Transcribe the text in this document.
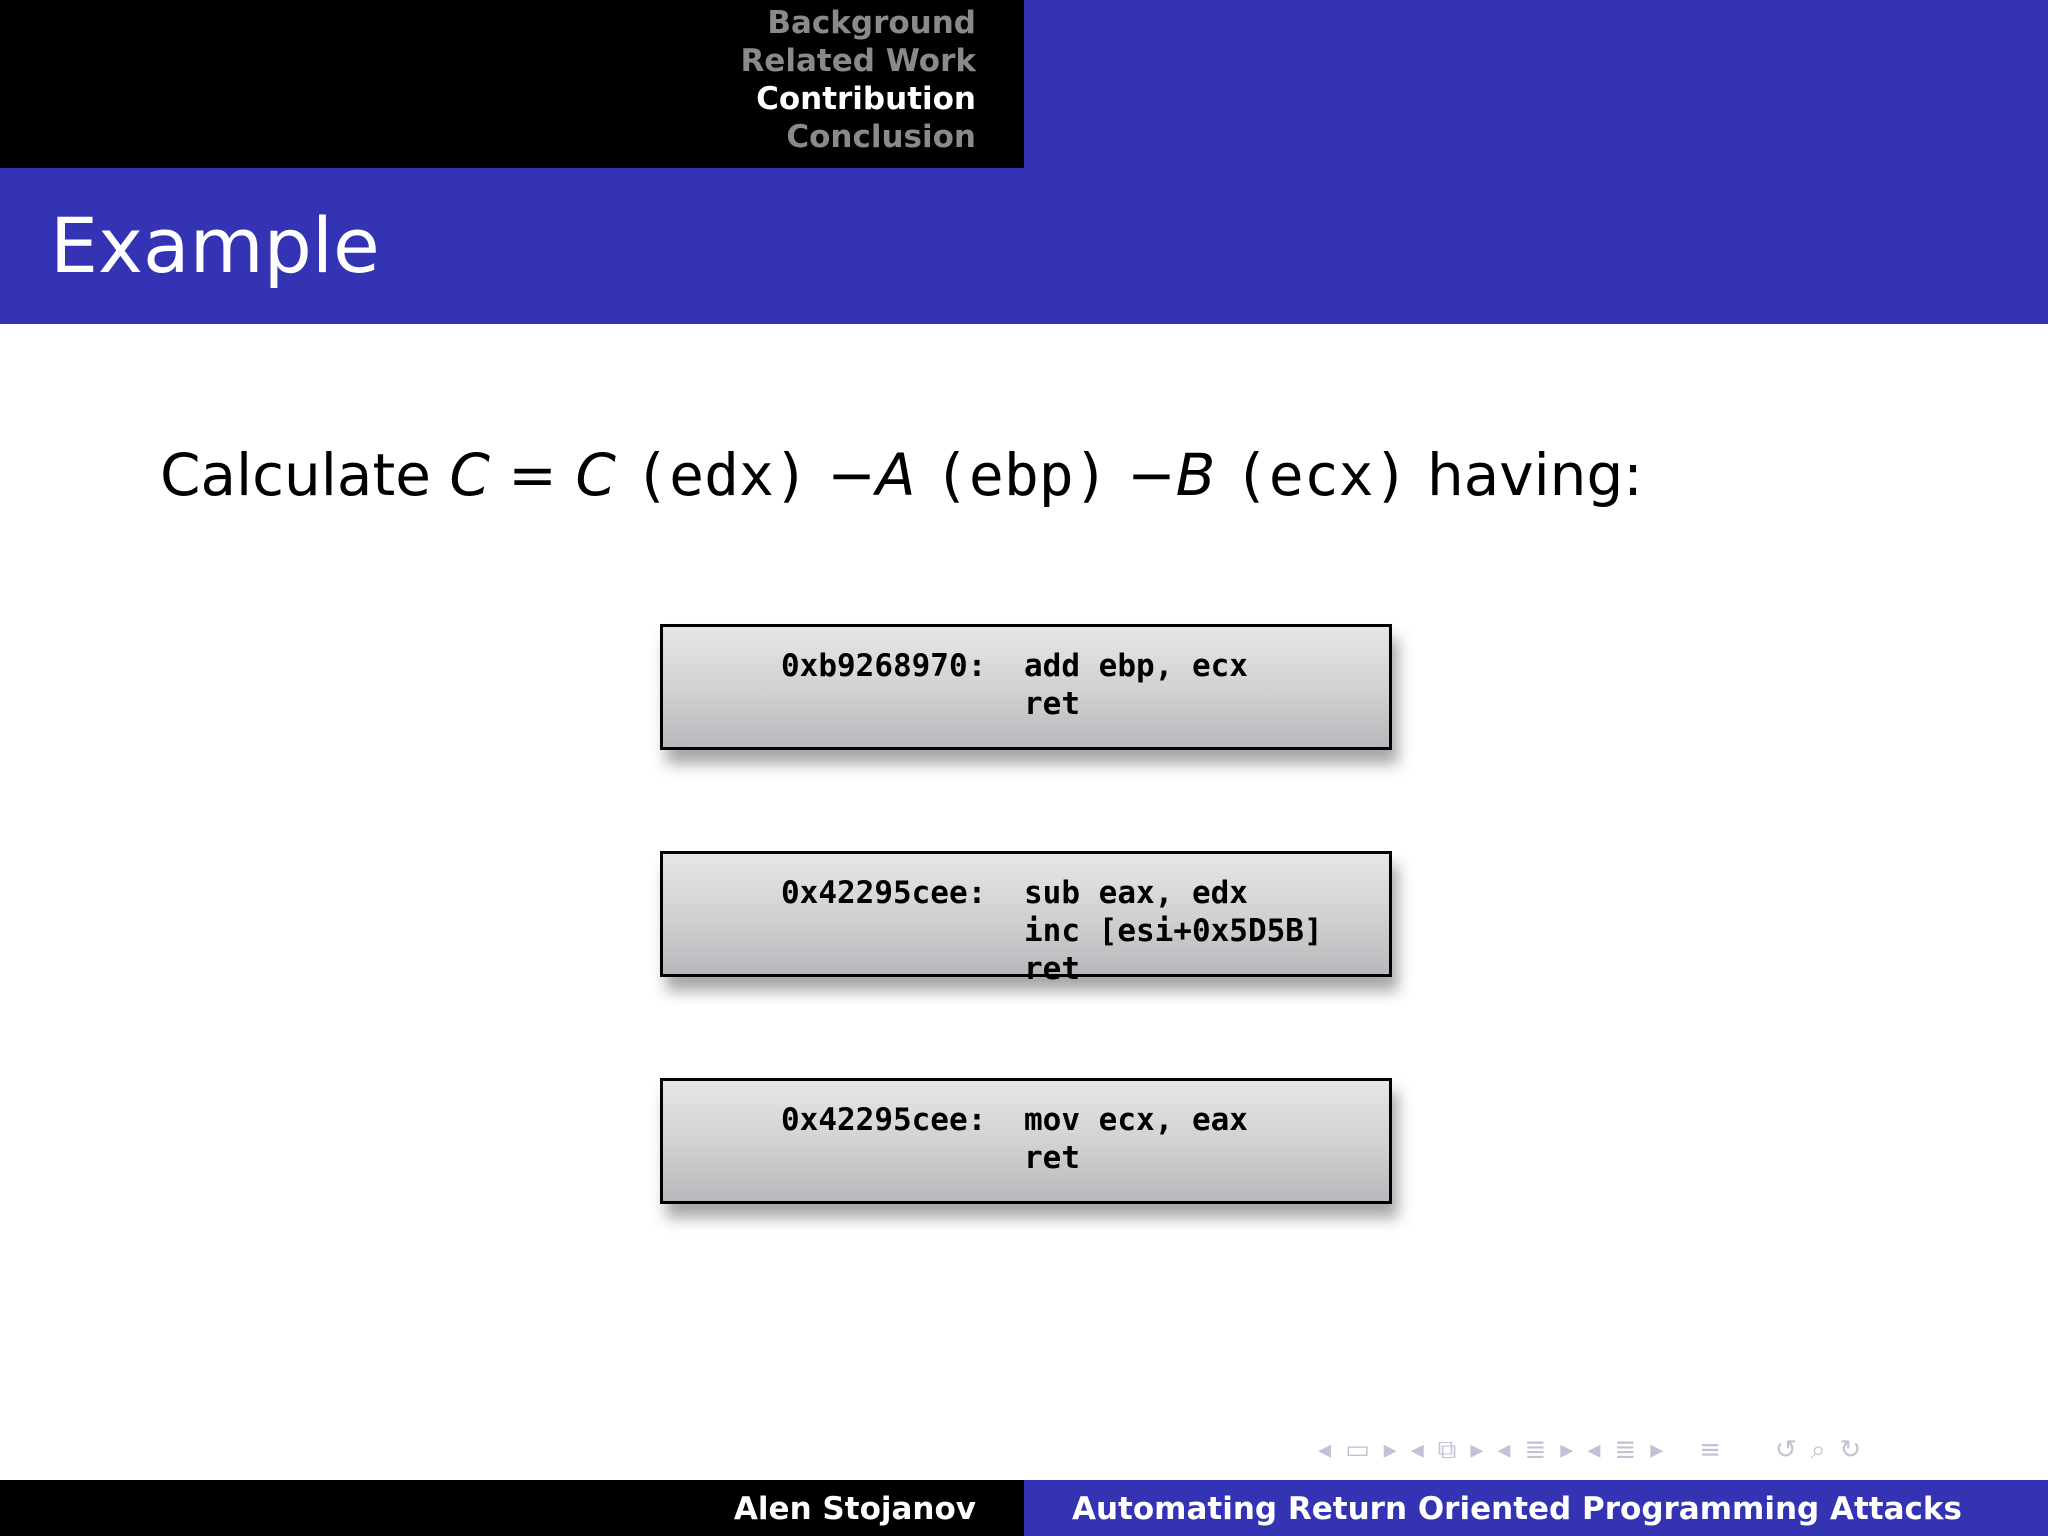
Background
Related Work
Contribution
Conclusion
Example
Calculate C = C (edx) −A (ebp) −B (ecx) having:
0xb9268970: add ebp, ecx
ret
0x42295cee: sub eax, edx
inc [esi+0x5D5B]
ret
0x42295cee: mov ecx, eax
ret
◂ ▭ ▸ ◂ ⧉ ▸ ◂ ≣ ▸ ◂ ≣ ▸ ≡ ↺ ⌕ ↻
Alen Stojanov	Automating Return Oriented Programming Attacks
